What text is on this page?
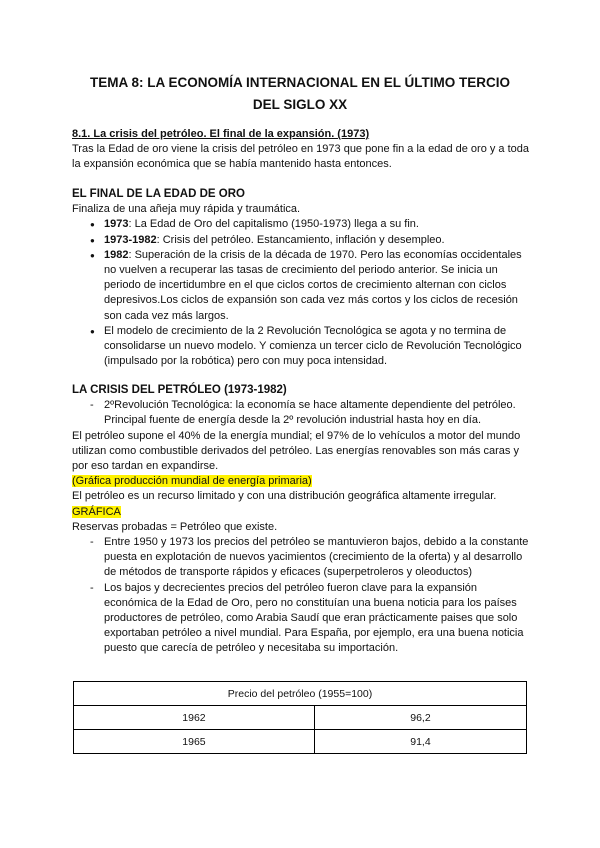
TEMA 8: LA ECONOMÍA INTERNACIONAL EN EL ÚLTIMO TERCIO
DEL SIGLO XX
8.1. La crisis del petróleo. El final de la expansión. (1973)
Tras la Edad de oro viene la crisis del petróleo en 1973 que pone fin a la edad de oro y a toda la expansión económica que se había mantenido hasta entonces.
EL FINAL DE LA EDAD DE ORO
Finaliza de una añeja muy rápida y traumática.
● 1973: La Edad de Oro del capitalismo (1950-1973) llega a su fin.
● 1973-1982: Crisis del petróleo. Estancamiento, inflación y desempleo.
● 1982: Superación de la crisis de la década de 1970. Pero las economías occidentales no vuelven a recuperar las tasas de crecimiento del periodo anterior. Se inicia un periodo de incertidumbre en el que ciclos cortos de crecimiento alternan con ciclos depresivos.Los ciclos de expansión son cada vez más cortos y los ciclos de recesión son cada vez más largos.
● El modelo de crecimiento de la 2 Revolución Tecnológica se agota y no termina de consolidarse un nuevo modelo. Y comienza un tercer ciclo de Revolución Tecnológico (impulsado por la robótica) pero con muy poca intensidad.
LA CRISIS DEL PETRÓLEO (1973-1982)
- 2ºRevolución Tecnológica: la economía se hace altamente dependiente del petróleo. Principal fuente de energía desde la 2º revolución industrial hasta hoy en día.
El petróleo supone el 40% de la energía mundial; el 97% de lo vehículos a motor del mundo utilizan como combustible derivados del petróleo. Las energías renovables son más caras y por eso tardan en expandirse.
(Gráfica producción mundial de energía primaria)
El petróleo es un recurso limitado y con una distribución geográfica altamente irregular.
GRÁFICA
Reservas probadas = Petróleo que existe.
- Entre 1950 y 1973 los precios del petróleo se mantuvieron bajos, debido a la constante puesta en explotación de nuevos yacimientos (crecimiento de la oferta) y al desarrollo de métodos de transporte rápidos y eficaces (superpetroleros y oleoductos)
- Los bajos y decrecientes precios del petróleo fueron clave para la expansión económica de la Edad de Oro, pero no constituían una buena noticia para los países productores de petróleo, como Arabia Saudí que eran prácticamente paises que solo exportaban petróleo a nivel mundial. Para España, por ejemplo, era una buena noticia puesto que carecía de petróleo y necesitaba su importación.
Precio del petróleo (1955=100)	
1962	96,2
1965	91,4
